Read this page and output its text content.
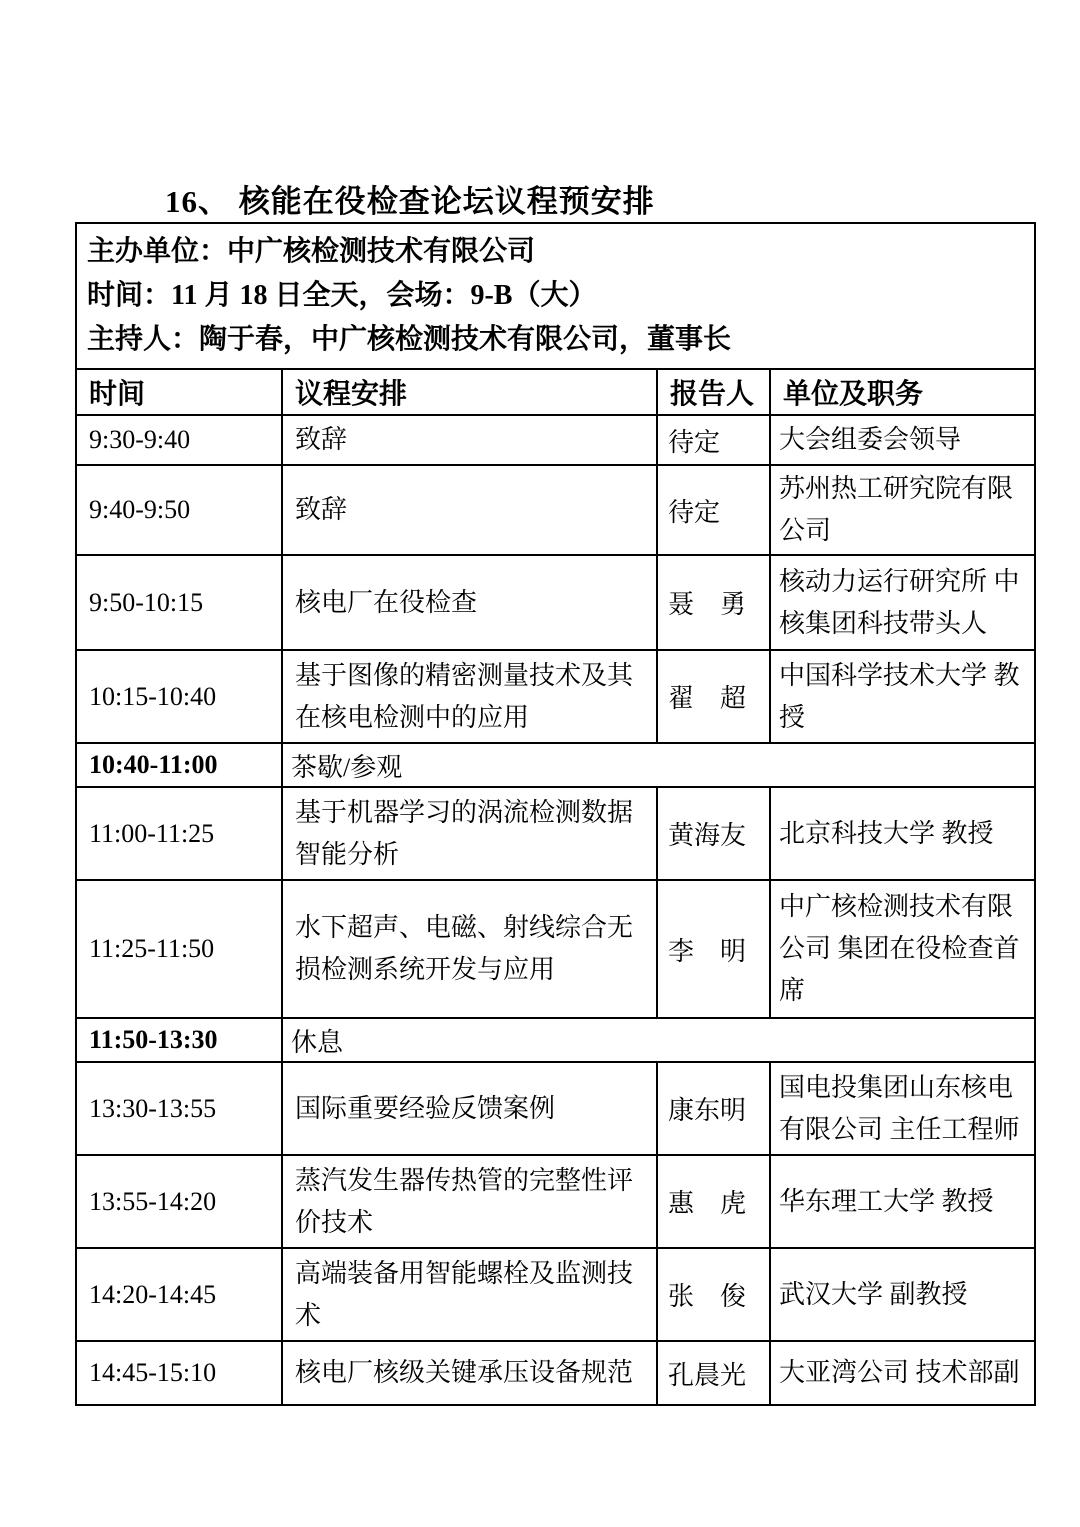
16、 核能在役检查论坛议程预安排
主办单位：中广核检测技术有限公司
时间：11 月 18 日全天，会场：9-B（大）
主持人：陶于春，中广核检测技术有限公司，董事长			

时间	议程安排	报告人	单位及职务
9:30-9:40	致辞	待定	大会组委会领导
9:40-9:50	致辞	待定	苏州热工研究院有限公司
9:50-10:15	核电厂在役检查	聂　勇	核动力运行研究所 中核集团科技带头人
10:15-10:40	基于图像的精密测量技术及其在核电检测中的应用	翟　超	中国科学技术大学 教授
10:40-11:00	茶歇/参观		
11:00-11:25	基于机器学习的涡流检测数据智能分析	黄海友	北京科技大学 教授
11:25-11:50	水下超声、电磁、射线综合无损检测系统开发与应用	李　明	中广核检测技术有限公司 集团在役检查首席
11:50-13:30	休息		
13:30-13:55	国际重要经验反馈案例	康东明	国电投集团山东核电有限公司 主任工程师
13:55-14:20	蒸汽发生器传热管的完整性评价技术	惠　虎	华东理工大学 教授
14:20-14:45	高端装备用智能螺栓及监测技术	张　俊	武汉大学 副教授
14:45-15:10	核电厂核级关键承压设备规范	孔晨光	大亚湾公司 技术部副
